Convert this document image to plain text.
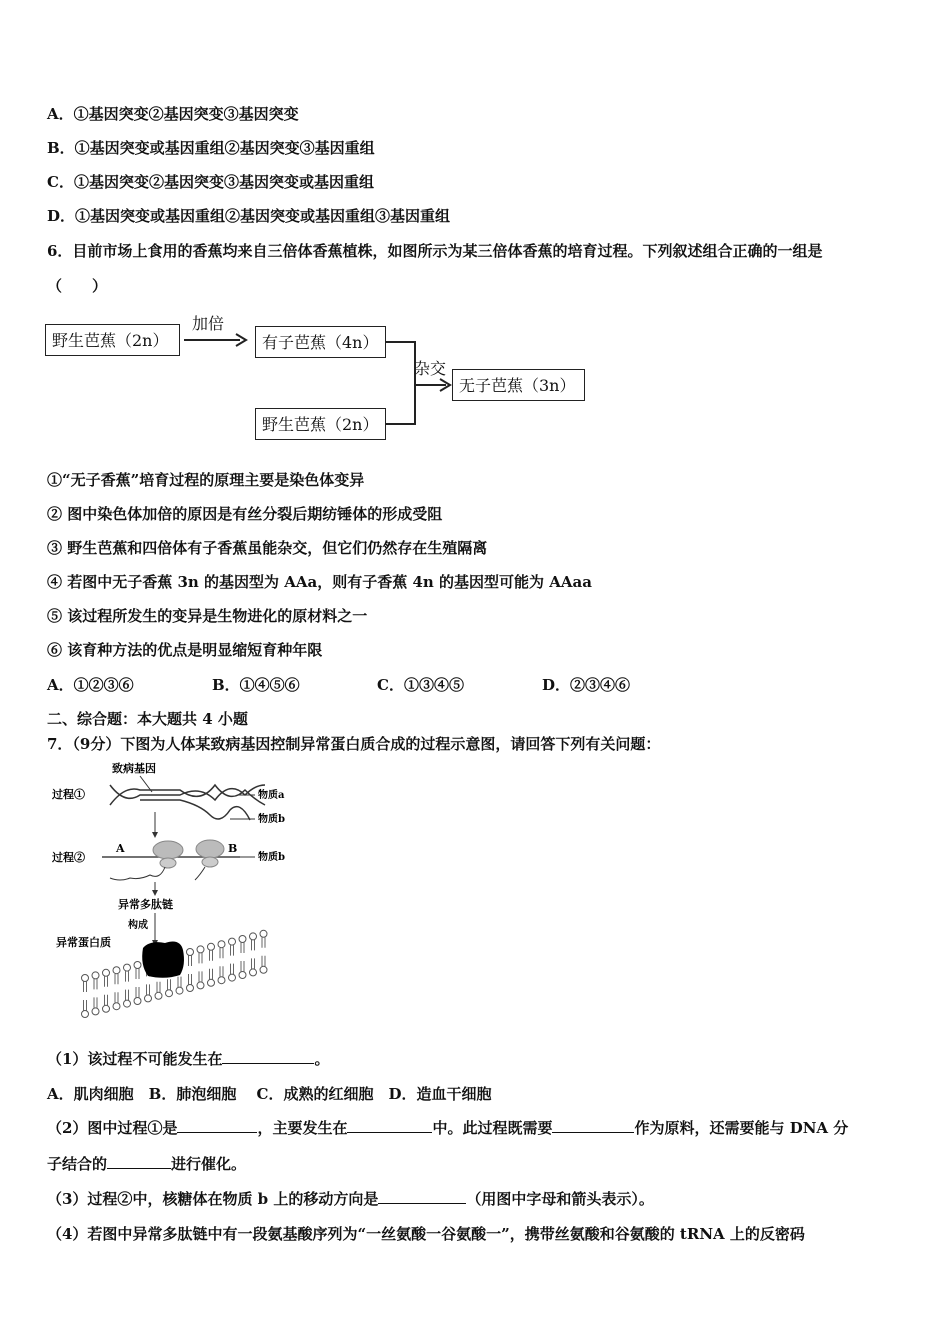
A．①基因突变②基因突变③基因突变
B．①基因突变或基因重组②基因突变③基因重组
C．①基因突变②基因突变③基因突变或基因重组
D．①基因突变或基因重组②基因突变或基因重组③基因重组
6．目前市场上食用的香蕉均来自三倍体香蕉植株，如图所示为某三倍体香蕉的培育过程。下列叙述组合正确的一组是
（　　）
野生芭蕉（2n）
加倍
有子芭蕉（4n）
杂交
无子芭蕉（3n）
野生芭蕉（2n）
①“无子香蕉”培育过程的原理主要是染色体变异
② 图中染色体加倍的原因是有丝分裂后期纺锤体的形成受阻
③ 野生芭蕉和四倍体有子香蕉虽能杂交，但它们仍然存在生殖隔离
④ 若图中无子香蕉 3n 的基因型为 AAa，则有子香蕉 4n 的基因型可能为 AAaa
⑤ 该过程所发生的变异是生物进化的原材料之一
⑥ 该育种方法的优点是明显缩短育种年限
A．①②③⑥	B．①④⑤⑥	C．①③④⑤	D．②③④⑥
二、综合题：本大题共 4 小题
7．（9分）下图为人体某致病基因控制异常蛋白质合成的过程示意图，请回答下列有关问题：
致病基因
过程①	物质a
物质b
过程②
A	B
物质b
异常多肽链
构成
异常蛋白质
（1）该过程不可能发生在	。
A．肌肉细胞　B．肺泡细胞　 C．成熟的红细胞　D．造血干细胞
（2）图中过程①是	，主要发生在	中。此过程既需要	作为原料，还需要能与 DNA 分
子结合的	进行催化。
（3）过程②中，核糖体在物质 b 上的移动方向是	（用图中字母和箭头表示）。
（4）若图中异常多肽链中有一段氨基酸序列为“一丝氨酸一谷氨酸一”，携带丝氨酸和谷氨酸的 tRNA 上的反密码
